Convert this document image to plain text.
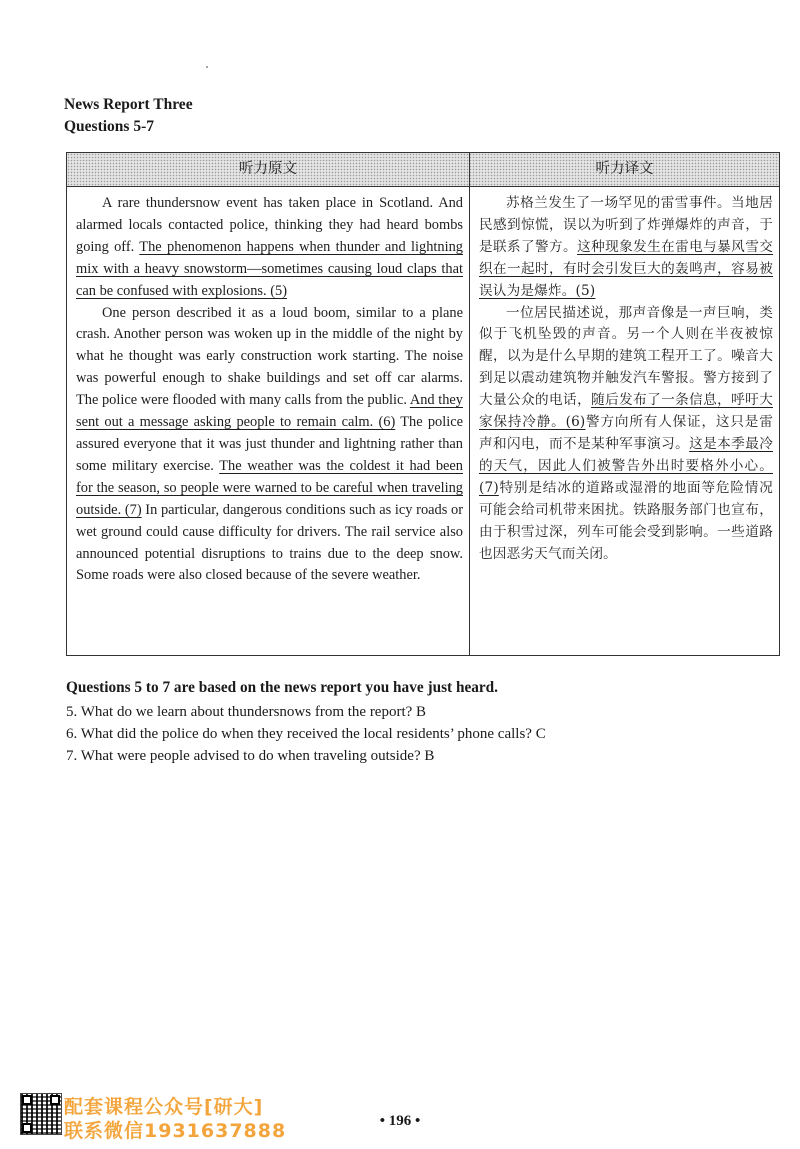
News Report Three
Questions 5-7
听力原文	听力译文

A rare thundersnow event has taken place in Scotland. And alarmed locals contacted police, thinking they had heard bombs going off. The phenomenon happens when thunder and lightning mix with a heavy snowstorm—sometimes causing loud claps that can be confused with explosions. (5)

One person described it as a loud boom, similar to a plane crash. Another person was woken up in the middle of the night by what he thought was early construction work starting. The noise was powerful enough to shake buildings and set off car alarms. The police were flooded with many calls from the public. And they sent out a message asking people to remain calm. (6) The police assured everyone that it was just thunder and lightning rather than some military exercise. The weather was the coldest it had been for the season, so people were warned to be careful when traveling outside. (7) In particular, dangerous conditions such as icy roads or wet ground could cause difficulty for drivers. The rail service also announced potential disruptions to trains due to the deep snow. Some roads were also closed because of the severe weather.

苏格兰发生了一场罕见的雷雪事件。当地居民感到惊慌，误以为听到了炸弹爆炸的声音，于是联系了警方。这种现象发生在雷电与暴风雪交织在一起时，有时会引发巨大的轰鸣声，容易被误认为是爆炸。(5)

一位居民描述说，那声音像是一声巨响，类似于飞机坠毁的声音。另一个人则在半夜被惊醒，以为是什么早期的建筑工程开工了。噪音大到足以震动建筑物并触发汽车警报。警方接到了大量公众的电话，随后发布了一条信息，呼吁大家保持冷静。(6)警方向所有人保证，这只是雷声和闪电，而不是某种军事演习。这是本季最冷的天气，因此人们被警告外出时要格外小心。(7)特别是结冰的道路或湿滑的地面等危险情况可能会给司机带来困扰。铁路服务部门也宣布，由于积雪过深，列车可能会受到影响。一些道路也因恶劣天气而关闭。

Questions 5 to 7 are based on the news report you have just heard.
5. What do we learn about thundersnows from the report? B
6. What did the police do when they received the local residents’ phone calls? C
7. What were people advised to do when traveling outside? B
• 196 •
配套课程公众号[研大]
联系微信1931637888
